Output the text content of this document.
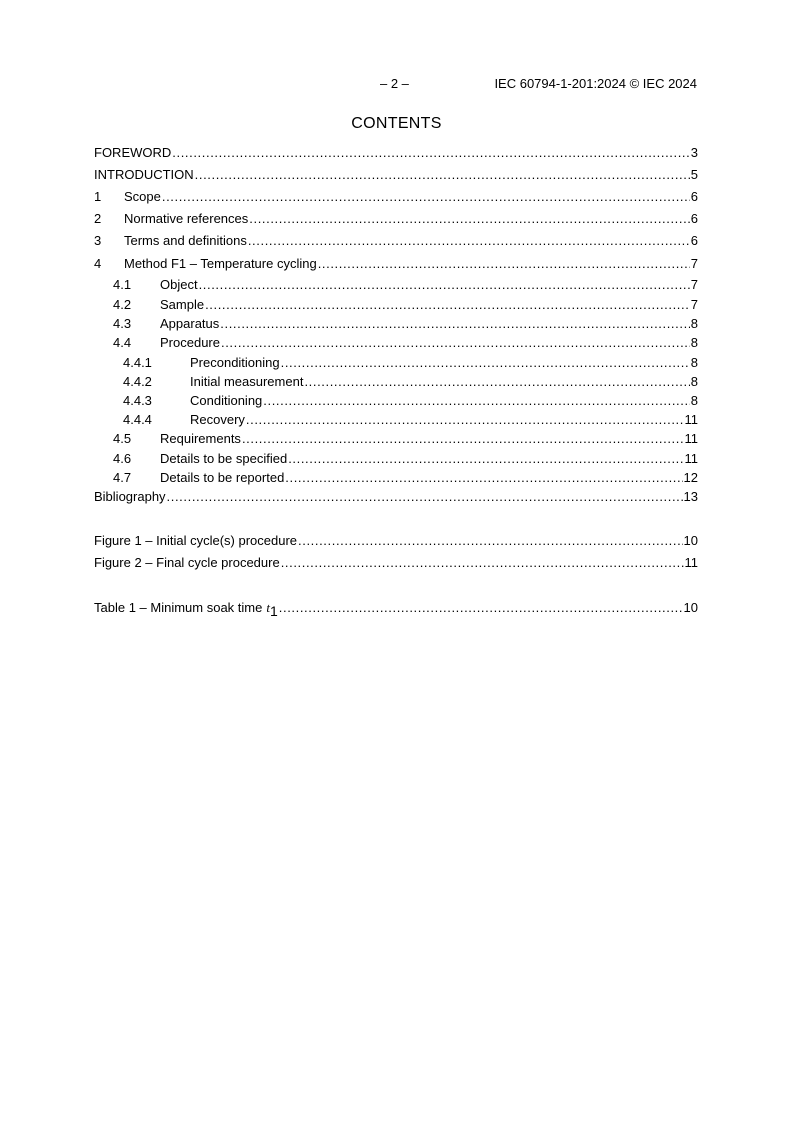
– 2 –	IEC 60794-1-201:2024 © IEC 2024
CONTENTS
FOREWORD .....	3
INTRODUCTION .....	5
1	Scope .....	6
2	Normative references .....	6
3	Terms and definitions .....	6
4	Method F1 – Temperature cycling .....	7
4.1	Object .....	7
4.2	Sample .....	7
4.3	Apparatus .....	8
4.4	Procedure .....	8
4.4.1	Preconditioning .....	8
4.4.2	Initial measurement .....	8
4.4.3	Conditioning .....	8
4.4.4	Recovery .....	11
4.5	Requirements .....	11
4.6	Details to be specified .....	11
4.7	Details to be reported .....	12
Bibliography .....	13
Figure 1 – Initial cycle(s) procedure .....	10
Figure 2 – Final cycle procedure .....	11
Table 1 – Minimum soak time t1 .....	10
